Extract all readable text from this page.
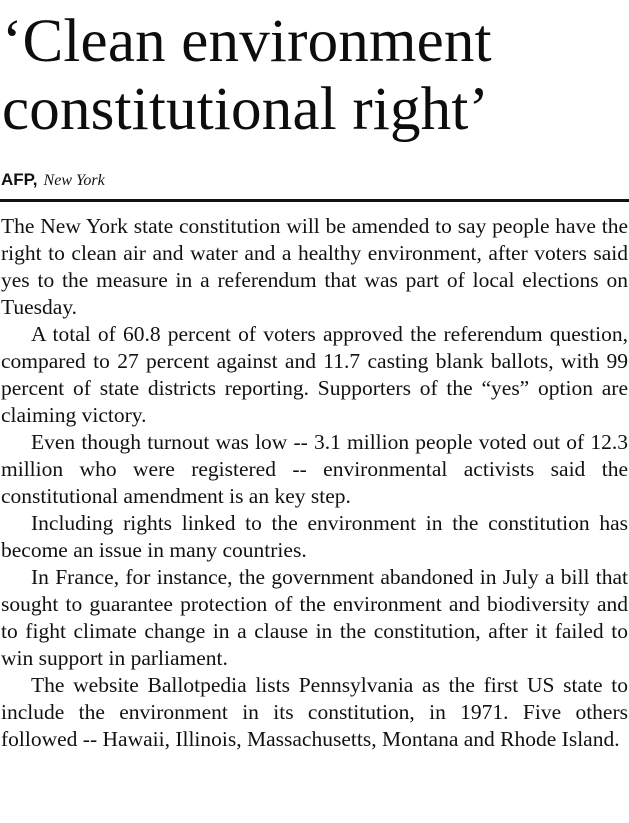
‘Clean environment
constitutional right’
AFP, New York

The New York state constitution will be amended to say people have the right to clean air and water and a healthy environment, after voters said yes to the measure in a referendum that was part of local elections on Tuesday.

A total of 60.8 percent of voters approved the referendum question, compared to 27 percent against and 11.7 casting blank ballots, with 99 percent of state districts reporting. Supporters of the “yes” option are claiming victory.

Even though turnout was low -- 3.1 million people voted out of 12.3 million who were registered -- environmental activists said the constitutional amendment is an key step.

Including rights linked to the environment in the constitution has become an issue in many countries.

In France, for instance, the government abandoned in July a bill that sought to guarantee protection of the environment and biodiversity and to fight climate change in a clause in the constitution, after it failed to win support in parliament.

The website Ballotpedia lists Pennsylvania as the first US state to include the environment in its constitution, in 1971. Five others followed -- Hawaii, Illinois, Massachusetts, Montana and Rhode Island.
